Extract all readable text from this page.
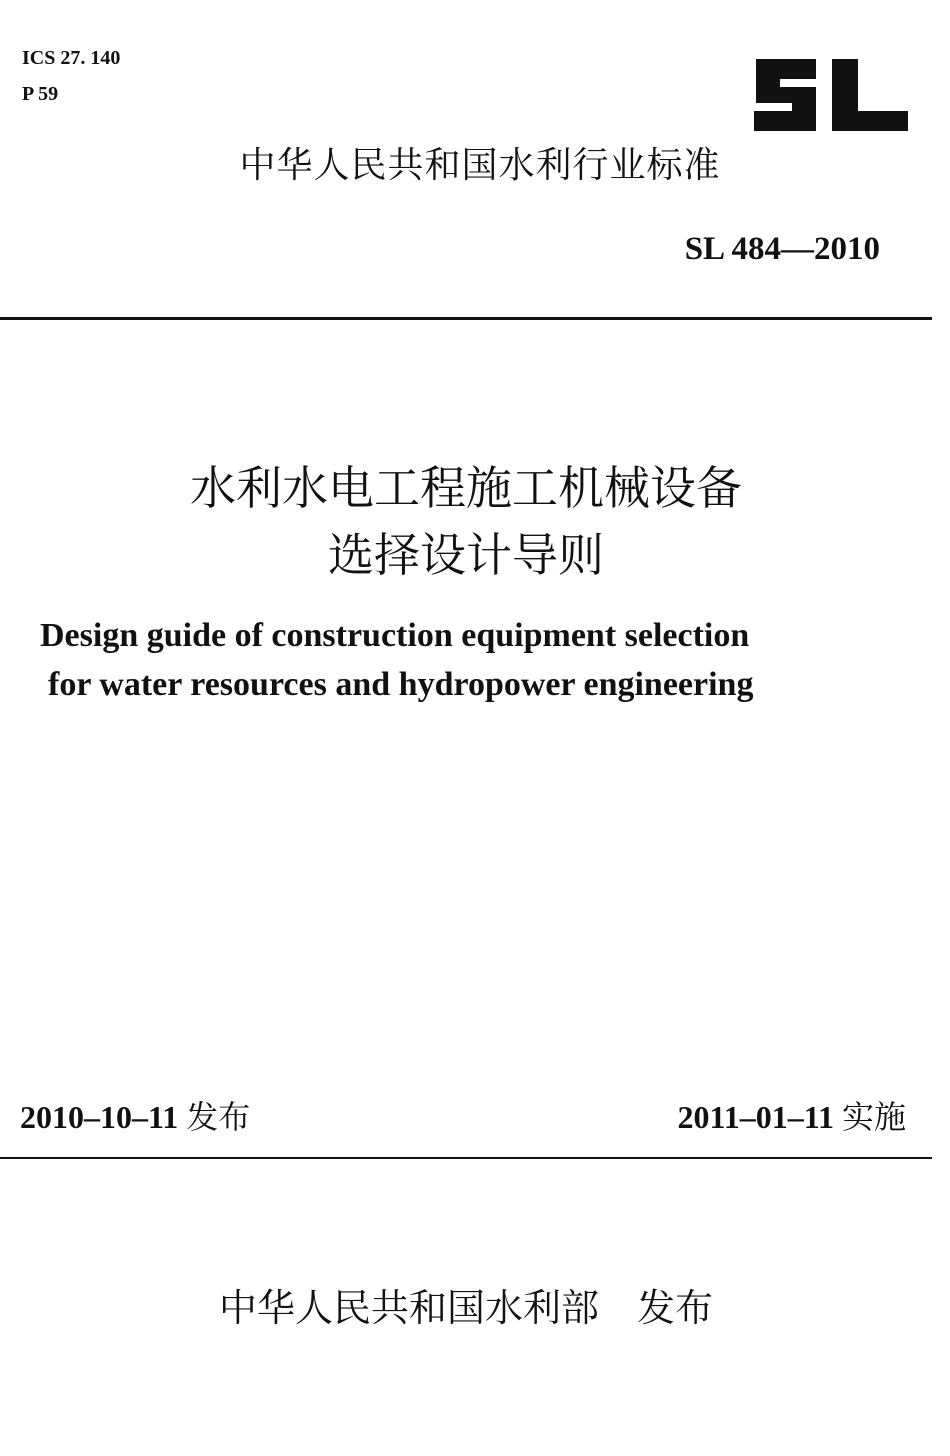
ICS 27. 140
P 59
中华人民共和国水利行业标准
SL 484—2010
水利水电工程施工机械设备
选择设计导则
Design guide of construction equipment selection
for water resources and hydropower engineering
2010–10–11 发布	2011–01–11 实施
中华人民共和国水利部 发布
